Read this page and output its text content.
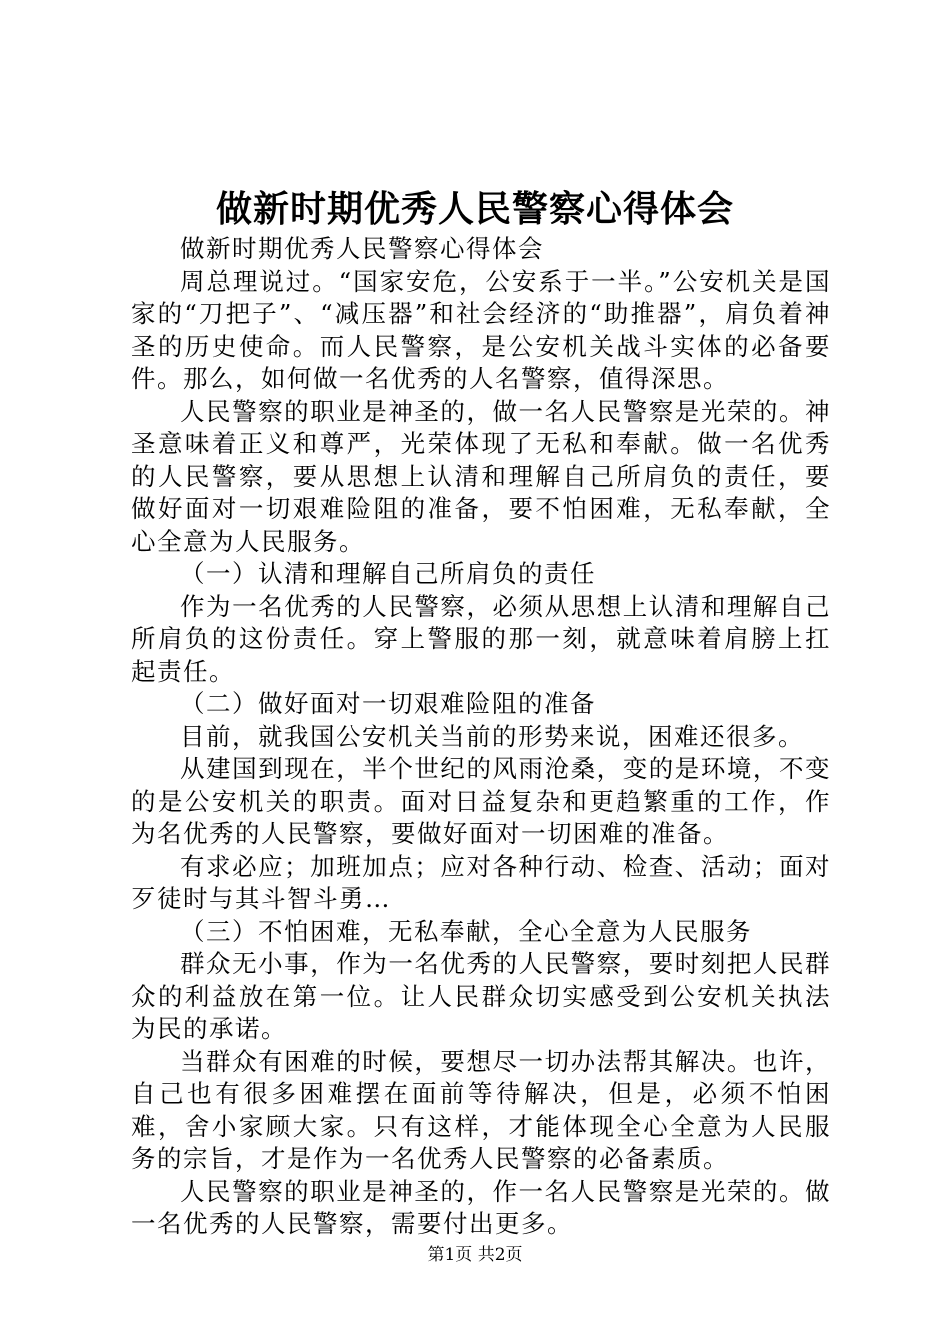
做新时期优秀人民警察心得体会

做新时期优秀人民警察心得体会

周总理说过。“国家安危，公安系于一半。”公安机关是国家的“刀把子”、“减压器”和社会经济的“助推器”，肩负着神圣的历史使命。而人民警察，是公安机关战斗实体的必备要件。那么，如何做一名优秀的人名警察，值得深思。

人民警察的职业是神圣的，做一名人民警察是光荣的。神圣意味着正义和尊严，光荣体现了无私和奉献。做一名优秀的人民警察，要从思想上认清和理解自己所肩负的责任，要做好面对一切艰难险阻的准备，要不怕困难，无私奉献，全心全意为人民服务。

（一）认清和理解自己所肩负的责任

作为一名优秀的人民警察，必须从思想上认清和理解自己所肩负的这份责任。穿上警服的那一刻，就意味着肩膀上扛起责任。

（二）做好面对一切艰难险阻的准备

目前，就我国公安机关当前的形势来说，困难还很多。

从建国到现在，半个世纪的风雨沧桑，变的是环境，不变的是公安机关的职责。面对日益复杂和更趋繁重的工作，作为名优秀的人民警察，要做好面对一切困难的准备。

有求必应；加班加点；应对各种行动、检查、活动；面对歹徒时与其斗智斗勇…

（三）不怕困难，无私奉献，全心全意为人民服务

群众无小事，作为一名优秀的人民警察，要时刻把人民群众的利益放在第一位。让人民群众切实感受到公安机关执法为民的承诺。

当群众有困难的时候，要想尽一切办法帮其解决。也许，自己也有很多困难摆在面前等待解决，但是，必须不怕困难，舍小家顾大家。只有这样，才能体现全心全意为人民服务的宗旨，才是作为一名优秀人民警察的必备素质。

人民警察的职业是神圣的，作一名人民警察是光荣的。做一名优秀的人民警察，需要付出更多。

第1页 共2页
